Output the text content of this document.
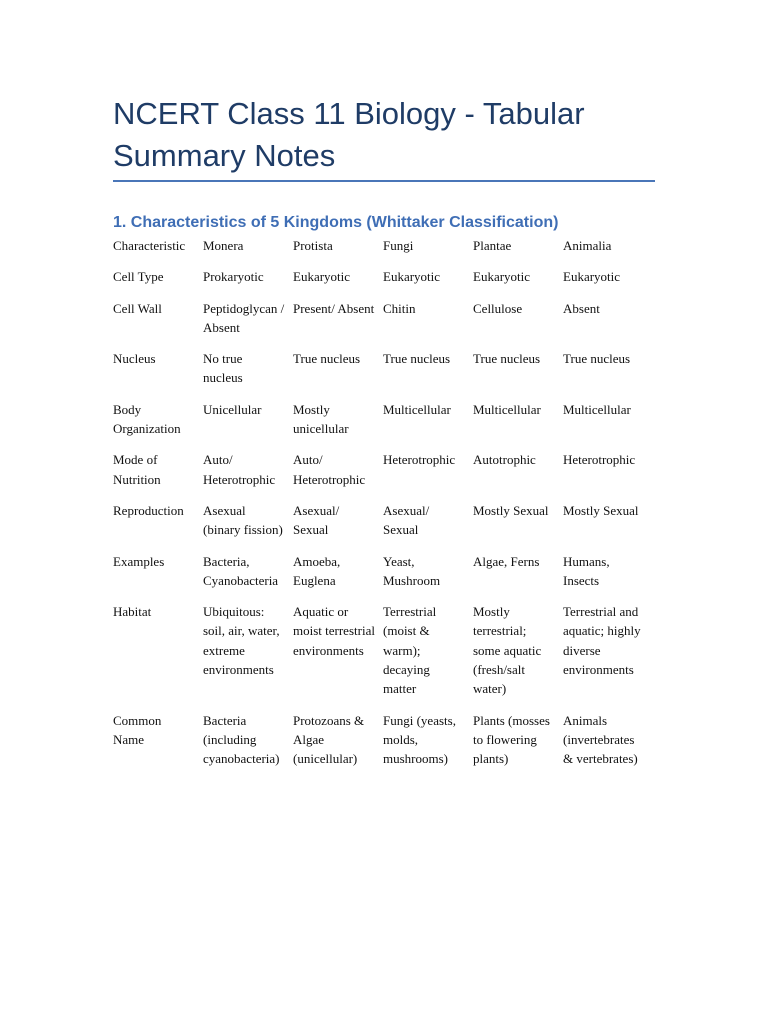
NCERT Class 11 Biology - Tabular Summary Notes
1. Characteristics of 5 Kingdoms (Whittaker Classification)
Characteristic	Monera	Protista	Fungi	Plantae	Animalia
Cell Type	Prokaryotic	Eukaryotic	Eukaryotic	Eukaryotic	Eukaryotic
Cell Wall	Peptidoglycan / Absent	Present/ Absent	Chitin	Cellulose	Absent
Nucleus	No true nucleus	True nucleus	True nucleus	True nucleus	True nucleus
Body Organization	Unicellular	Mostly unicellular	Multicellular	Multicellular	Multicellular
Mode of Nutrition	Auto/ Heterotrophic	Auto/ Heterotrophic	Heterotrophic	Autotrophic	Heterotrophic
Reproduction	Asexual (binary fission)	Asexual/ Sexual	Asexual/ Sexual	Mostly Sexual	Mostly Sexual
Examples	Bacteria, Cyanobacteria	Amoeba, Euglena	Yeast, Mushroom	Algae, Ferns	Humans, Insects
Habitat	Ubiquitous: soil, air, water, extreme environments	Aquatic or moist terrestrial environments	Terrestrial (moist & warm); decaying matter	Mostly terrestrial; some aquatic (fresh/salt water)	Terrestrial and aquatic; highly diverse environments
Common Name	Bacteria (including cyanobacteria)	Protozoans & Algae (unicellular)	Fungi (yeasts, molds, mushrooms)	Plants (mosses to flowering plants)	Animals (invertebrates & vertebrates)
